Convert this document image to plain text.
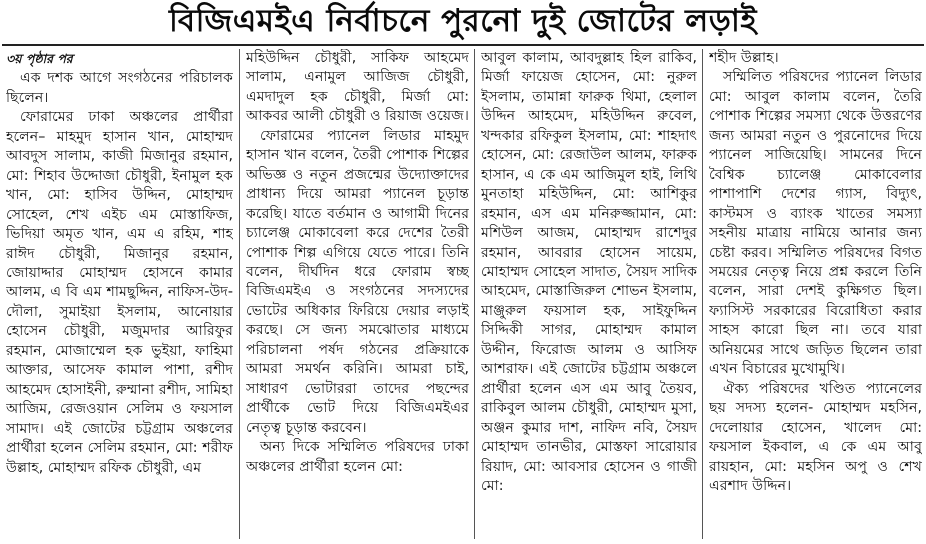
বিজিএমইএ নির্বাচনে পুরনো দুই জোটের লড়াই

৩য় পৃষ্ঠার পর

এক দশক আগে সংগঠনের পরিচালক ছিলেন।

ফোরামের ঢাকা অঞ্চলের প্রার্থীরা হলেন– মাহমুদ হাসান খান, মোহাম্মদ আবদুস সালাম, কাজী মিজানুর রহমান, মো: শিহাব উদ্দোজা চৌধুরী, ইনামুল হক খান, মো: হাসিব উদ্দিন, মোহাম্মদ সোহেল, শেখ এইচ এম মোস্তাফিজ, ভিদিয়া অমৃত খান, এম এ রহিম, শাহ রাঈদ চৌধুরী, মিজানুর রহমান, জোয়াদ্দার মোহাম্মদ হোসনে কামার আলম, এ বি এম শামছুদ্দিন, নাফিস-উদ-দৌলা, সুমাইয়া ইসলাম, আনোয়ার হোসেন চৌধুরী, মজুমদার আরিফুর রহমান, মোজাম্মেল হক ভুইয়া, ফাহিমা আক্তার, আসেফ কামাল পাশা, রশীদ আহমেদ হোসাইনী, রুম্মানা রশীদ, সামিহা আজিম, রেজওয়ান সেলিম ও ফয়সাল সামাদ। এই জোটের চট্টগ্রাম অঞ্চলের প্রার্থীরা হলেন সেলিম রহমান, মো: শরীফ উল্লাহ, মোহাম্মদ রফিক চৌধুরী, এম

মহিউদ্দিন চৌধুরী, সাকিফ আহমেদ সালাম, এনামুল আজিজ চৌধুরী, এমদাদুল হক চৌধুরী, মির্জা মো: আকবর আলী চৌধুরী ও রিয়াজ ওয়েজ।

ফোরামের প্যানেল লিডার মাহমুদ হাসান খান বলেন, তৈরী পোশাক শিল্পের অভিজ্ঞ ও নতুন প্রজন্মের উদ্যোক্তাদের প্রাধান্য দিয়ে আমরা প্যানেল চূড়ান্ত করেছি। যাতে বর্তমান ও আগামী দিনের চ্যালেঞ্জ মোকাবেলা করে দেশের তৈরী পোশাক শিল্প এগিয়ে যেতে পারে। তিনি বলেন, দীর্ঘদিন ধরে ফোরাম স্বচ্ছ বিজিএমইএ ও সংগঠনের সদস্যদের ভোটের অধিকার ফিরিয়ে দেয়ার লড়াই করছে। সে জন্য সমঝোতার মাধ্যমে পরিচালনা পর্ষদ গঠনের প্রক্রিয়াকে আমরা সমর্থন করিনি। আমরা চাই, সাধারণ ভোটাররা তাদের পছন্দের প্রার্থীকে ভোট দিয়ে বিজিএমইএর নেতৃত্ব চূড়ান্ত করবেন।

অন্য দিকে সম্মিলিত পরিষদের ঢাকা অঞ্চলের প্রার্থীরা হলেন মো:

আবুল কালাম, আবদুল্লাহ হিল রাকিব, মির্জা ফায়েজ হোসেন, মো: নুরুল ইসলাম, তামান্না ফারুক থিমা, হেলাল উদ্দিন আহমেদ, মহিউদ্দিন রুবেল, খন্দকার রফিকুল ইসলাম, মো: শাহদাৎ হোসেন, মো: রেজাউল আলম, ফারুক হাসান, এ কে এম আজিমুল হাই, লিথি মুনতাহা মহিউদ্দিন, মো: আশিকুর রহমান, এস এম মনিরুজ্জামান, মো: মশিউল আজম, মোহাম্মদ রাশেদুর রহমান, আবরার হোসেন সায়েম, মোহাম্মদ সোহেল সাদাত, সৈয়দ সাদিক আহমেদ, মোস্তাজিরুল শোভন ইসলাম, মাঞ্জুরুল ফয়সাল হক, সাইফুদ্দিন সিদ্দিকী সাগর, মোহাম্মদ কামাল উদ্দীন, ফিরোজ আলম ও আসিফ আশরাফ। এই জোটের চট্টগ্রাম অঞ্চলে প্রার্থীরা হলেন এস এম আবু তৈয়ব, রাকিবুল আলম চৌধুরী, মোহাম্মদ মুসা, অঞ্জন কুমার দাশ, নাফিদ নবি, সৈয়দ মোহাম্মদ তানভীর, মোস্তফা সারোয়ার রিয়াদ, মো: আবসার হোসেন ও গাজী মো:

শহীদ উল্লাহ।

সম্মিলিত পরিষদের প্যানেল লিডার মো: আবুল কালাম বলেন, তৈরি পোশাক শিল্পের সমস্যা থেকে উত্তরণের জন্য আমরা নতুন ও পুরনোদের দিয়ে প্যানেল সাজিয়েছি। সামনের দিনে বৈশ্বিক চ্যালেঞ্জ মোকাবেলার পাশাপাশি দেশের গ্যাস, বিদ্যুৎ, কাস্টমস ও ব্যাংক খাতের সমস্যা সহনীয় মাত্রায় নামিয়ে আনার জন্য চেষ্টা করব। সম্মিলিত পরিষদের বিগত সময়ের নেতৃত্ব নিয়ে প্রশ্ন করলে তিনি বলেন, সারা দেশই কুক্ষিগত ছিল। ফ্যাসিস্ট সরকারের বিরোধিতা করার সাহস কারো ছিল না। তবে যারা অনিয়মের সাথে জড়িত ছিলেন তারা এখন বিচারের মুখোমুখি।

ঐক্য পরিষদের খণ্ডিত প্যানেলের ছয় সদস্য হলেন- মোহাম্মদ মহসিন, দেলোয়ার হোসেন, খালেদ মো: ফয়সাল ইকবাল, এ কে এম আবু রায়হান, মো: মহসিন অপু ও শেখ এরশাদ উদ্দিন।
